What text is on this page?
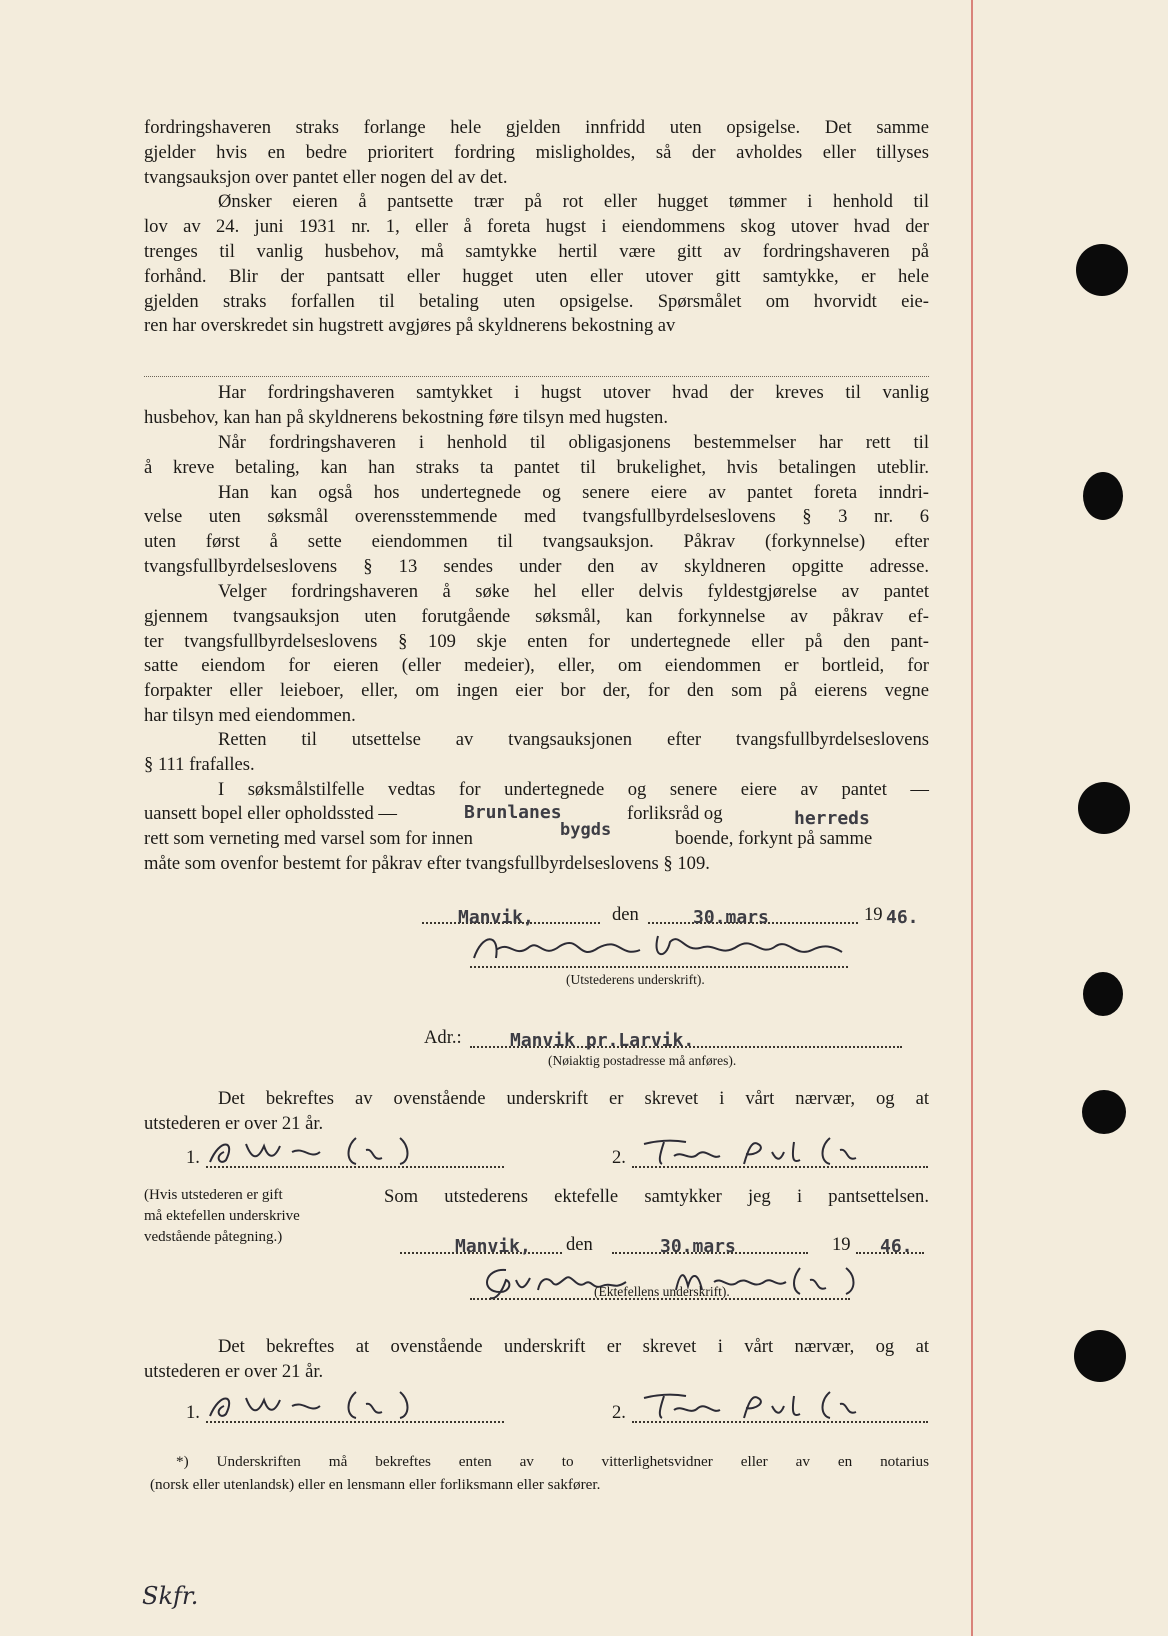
fordringshaveren straks forlange hele gjelden innfridd uten opsigelse. Det samme
gjelder hvis en bedre prioritert fordring misligholdes, så der avholdes eller tillyses
tvangsauksjon over pantet eller nogen del av det.
Ønsker eieren å pantsette trær på rot eller hugget tømmer i henhold til
lov av 24. juni 1931 nr. 1, eller å foreta hugst i eiendommens skog utover hvad der
trenges til vanlig husbehov, må samtykke hertil være gitt av fordringshaveren på
forhånd. Blir der pantsatt eller hugget uten eller utover gitt samtykke, er hele
gjelden straks forfallen til betaling uten opsigelse. Spørsmålet om hvorvidt eie-
ren har overskredet sin hugstrett avgjøres på skyldnerens bekostning av
Har fordringshaveren samtykket i hugst utover hvad der kreves til vanlig
husbehov, kan han på skyldnerens bekostning føre tilsyn med hugsten.
Når fordringshaveren i henhold til obligasjonens bestemmelser har rett til
å kreve betaling, kan han straks ta pantet til brukelighet, hvis betalingen uteblir.
Han kan også hos undertegnede og senere eiere av pantet foreta inndri-
velse uten søksmål overensstemmende med tvangsfullbyrdelseslovens § 3 nr. 6
uten først å sette eiendommen til tvangsauksjon. Påkrav (forkynnelse) efter
tvangsfullbyrdelseslovens § 13 sendes under den av skyldneren opgitte adresse.
Velger fordringshaveren å søke hel eller delvis fyldestgjørelse av pantet
gjennem tvangsauksjon uten forutgående søksmål, kan forkynnelse av påkrav ef-
ter tvangsfullbyrdelseslovens § 109 skje enten for undertegnede eller på den pant-
satte eiendom for eieren (eller medeier), eller, om eiendommen er bortleid, for
forpakter eller leieboer, eller, om ingen eier bor der, for den som på eierens vegne
har tilsyn med eiendommen.
Retten til utsettelse av tvangsauksjonen efter tvangsfullbyrdelseslovens
§ 111 frafalles.
I søksmålstilfelle vedtas for undertegnede og senere eiere av pantet —
uansett bopel eller opholdssted —	Brunlanes	forliksråd og	herreds
rett som verneting med varsel som for innen	bygds	boende, forkynt på samme
måte som ovenfor bestemt for påkrav efter tvangsfullbyrdelseslovens § 109.
Manvik,	den	30.mars	19 46.
(Utstederens underskrift).
Adr.:	Manvik pr.Larvik.
(Nøiaktig postadresse må anføres).
Det bekreftes av ovenstående underskrift er skrevet i vårt nærvær, og at
utstederen er over 21 år.
1.	2.
(Hvis utstederen er gift
må ektefellen underskrive
vedstående påtegning.)
Som utstederens ektefelle samtykker jeg i pantsettelsen.
Manvik, den	30.mars	19 46.
(Ektefellens underskrift).
Det bekreftes at ovenstående underskrift er skrevet i vårt nærvær, og at
utstederen er over 21 år.
1.	2.
*) Underskriften må bekreftes enten av to vitterlighetsvidner eller av en notarius
(norsk eller utenlandsk) eller en lensmann eller forliksmann eller sakfører.
Skfr.
